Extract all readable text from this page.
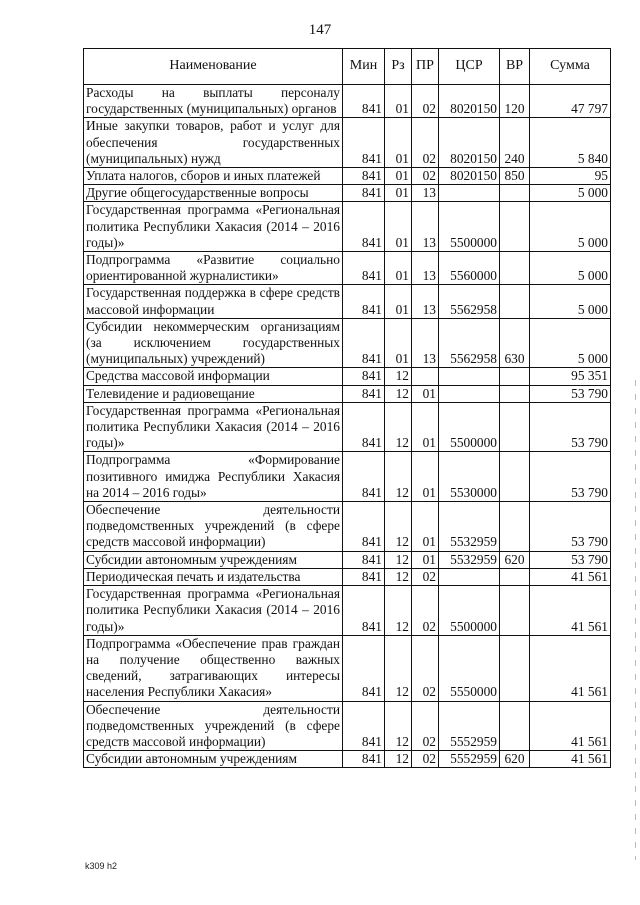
147
Наименование	Мин	Рз	ПР	ЦСР	ВР	Сумма
Расходы на выплаты персоналу государственных (муниципальных) органов	841	01	02	8020150	120	47 797
Иные закупки товаров, работ и услуг для обеспечения государственных (муниципальных) нужд	841	01	02	8020150	240	5 840
Уплата налогов, сборов и иных платежей	841	01	02	8020150	850	95
Другие общегосударственные вопросы	841	01	13			5 000
Государственная программа «Региональная политика Республики Хакасия (2014 – 2016 годы)»	841	01	13	5500000		5 000
Подпрограмма «Развитие социально ориентированной журналистики»	841	01	13	5560000		5 000
Государственная поддержка в сфере средств массовой информации	841	01	13	5562958		5 000
Субсидии некоммерческим организациям (за исключением государственных (муниципальных) учреждений)	841	01	13	5562958	630	5 000
Средства массовой информации	841	12				95 351
Телевидение и радиовещание	841	12	01			53 790
Государственная программа «Региональная политика Республики Хакасия (2014 – 2016 годы)»	841	12	01	5500000		53 790
Подпрограмма «Формирование позитивного имиджа Республики Хакасия на 2014 – 2016 годы»	841	12	01	5530000		53 790
Обеспечение деятельности подведомственных учреждений (в сфере средств массовой информации)	841	12	01	5532959		53 790
Субсидии автономным учреждениям	841	12	01	5532959	620	53 790
Периодическая печать и издательства	841	12	02			41 561
Государственная программа «Региональная политика Республики Хакасия (2014 – 2016 годы)»	841	12	02	5500000		41 561
Подпрограмма «Обеспечение прав граждан на получение общественно важных сведений, затрагивающих интересы населения Республики Хакасия»	841	12	02	5550000		41 561
Обеспечение деятельности подведомственных учреждений (в сфере средств массовой информации)	841	12	02	5552959		41 561
Субсидии автономным учреждениям	841	12	02	5552959	620	41 561
k309 h2
